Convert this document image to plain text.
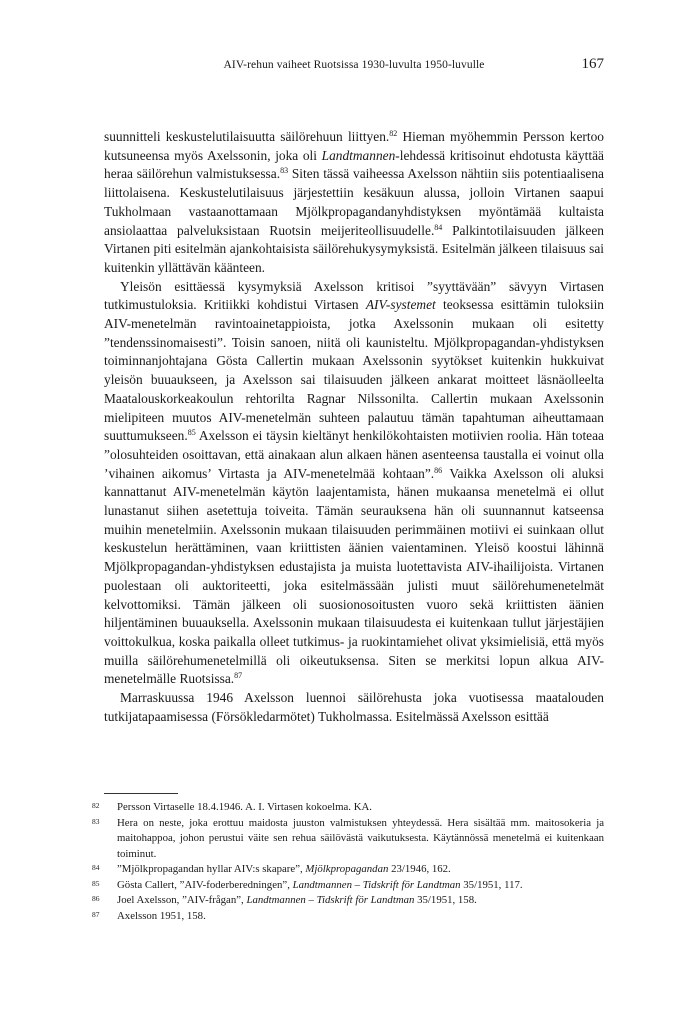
AIV-rehun vaiheet Ruotsissa 1930-luvulta 1950-luvulle	167

suunnitteli keskustelutilaisuutta säilörehuun liittyen.$^{82}$ Hieman myöhemmin Persson kertoo kutsuneensa myös Axelssonin, joka oli Landtmannen-lehdessä kritisoinut ehdotusta käyttää heraa säilörehun valmistuksessa.$^{83}$ Siten tässä vaiheessa Axelsson nähtiin siis potentiaalisena liittolaisena. Keskustelutilaisuus järjestettiin kesäkuun alussa, jolloin Virtanen saapui Tukholmaan vastaanottamaan Mjölkpropagandanyhdistyksen myöntämää kultaista ansiolaattaa palveluksistaan Ruotsin meijeriteollisuudelle.$^{84}$ Palkintotilaisuuden jälkeen Virtanen piti esitelmän ajankohtaisista säilörehukysymyksistä. Esitelmän jälkeen tilaisuus sai kuitenkin yllättävän käänteen.

Yleisön esittäessä kysymyksiä Axelsson kritisoi ”syyttävään” sävyyn Virtasen tutkimustuloksia. Kritiikki kohdistui Virtasen AIV-systemet teoksessa esittämin tuloksiin AIV-menetelmän ravintoainetappioista, jotka Axelssonin mukaan oli esitetty ”tendenssinomaisesti”. Toisin sanoen, niitä oli kaunisteltu. Mjölkpropagandan-yhdistyksen toiminnanjohtajana Gösta Callertin mukaan Axelssonin syytökset kuitenkin hukkuivat yleisön buuaukseen, ja Axelsson sai tilaisuuden jälkeen ankarat moitteet läsnäolleelta Maatalouskorkeakoulun rehtorilta Ragnar Nilssonilta. Callertin mukaan Axelssonin mielipiteen muutos AIV-menetelmän suhteen palautuu tämän tapahtuman aiheuttamaan suuttumukseen.$^{85}$ Axelsson ei täysin kieltänyt henkilökohtaisten motiivien roolia. Hän toteaa ”olosuhteiden osoittavan, että ainakaan alun alkaen hänen asenteensa taustalla ei voinut olla ’vihainen aikomus’ Virtasta ja AIV-menetelmää kohtaan”.$^{86}$ Vaikka Axelsson oli aluksi kannattanut AIV-menetelmän käytön laajentamista, hänen mukaansa menetelmä ei ollut lunastanut siihen asetettuja toiveita. Tämän seurauksena hän oli suunnannut katseensa muihin menetelmiin. Axelssonin mukaan tilaisuuden perimmäinen motiivi ei suinkaan ollut keskustelun herättäminen, vaan kriittisten äänien vaientaminen. Yleisö koostui lähinnä Mjölkpropagandan-yhdistyksen edustajista ja muista luotettavista AIV-ihailijoista. Virtanen puolestaan oli auktoriteetti, joka esitelmässään julisti muut säilörehumenetelmät kelvottomiksi. Tämän jälkeen oli suosionosoitusten vuoro sekä kriittisten äänien hiljentäminen buuauksella. Axelssonin mukaan tilaisuudesta ei kuitenkaan tullut järjestäjien voittokulkua, koska paikalla olleet tutkimus- ja ruokintamiehet olivat yksimielisiä, että myös muilla säilörehumenetelmillä oli oikeutuksensa. Siten se merkitsi lopun alkua AIV-menetelmälle Ruotsissa.$^{87}$

Marraskuussa 1946 Axelsson luennoi säilörehusta joka vuotisessa maatalouden tutkijatapaamisessa (Försökledarmötet) Tukholmassa. Esitelmässä Axelsson esittää

82 Persson Virtaselle 18.4.1946. A. I. Virtasen kokoelma. KA.

83 Hera on neste, joka erottuu maidosta juuston valmistuksen yhteydessä. Hera sisältää mm. maitosokeria ja maitohappoa, johon perustui väite sen rehua säilövästä vaikutuksesta. Käytännössä menetelmä ei kuitenkaan toiminut.

84 ”Mjölkpropagandan hyllar AIV:s skapare”, Mjölkpropagandan 23/1946, 162.

85 Gösta Callert, ”AIV-foderberedningen”, Landtmannen – Tidskrift för Landtman 35/1951, 117.

86 Joel Axelsson, ”AIV-frågan”, Landtmannen – Tidskrift för Landtman 35/1951, 158.

87 Axelsson 1951, 158.
